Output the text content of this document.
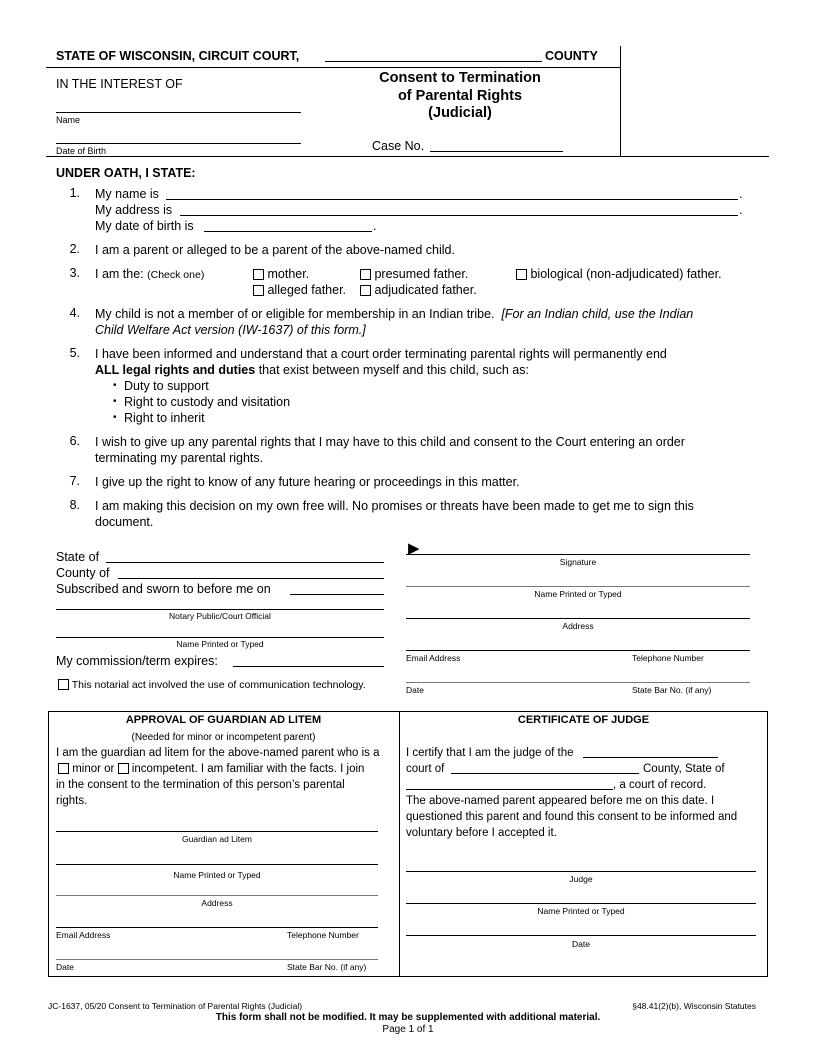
STATE OF WISCONSIN, CIRCUIT COURT,	COUNTY
IN THE INTEREST OF
Name
Date of Birth
Consent to Termination
of Parental Rights
(Judicial)
Case No.
UNDER OATH, I STATE:
1. My name is	.
My address is	.
My date of birth is	.
2. I am a parent or alleged to be a parent of the above-named child.
3. I am the: (Check one)	mother.	presumed father.	biological (non-adjudicated) father.
alleged father.	adjudicated father.
4. My child is not a member of or eligible for membership in an Indian tribe. [For an Indian child, use the Indian
Child Welfare Act version (IW-1637) of this form.]
5. I have been informed and understand that a court order terminating parental rights will permanently end
ALL legal rights and duties that exist between myself and this child, such as:
• Duty to support
• Right to custody and visitation
• Right to inherit
6. I wish to give up any parental rights that I may have to this child and consent to the Court entering an order
terminating my parental rights.
7. I give up the right to know of any future hearing or proceedings in this matter.
8. I am making this decision on my own free will. No promises or threats have been made to get me to sign this
document.
State of
County of
Subscribed and sworn to before me on
Notary Public/Court Official
Name Printed or Typed
My commission/term expires:
This notarial act involved the use of communication technology.
▶
Signature
Name Printed or Typed
Address
Email Address	Telephone Number
Date	State Bar No. (if any)
APPROVAL OF GUARDIAN AD LITEM
(Needed for minor or incompetent parent)
I am the guardian ad litem for the above-named parent who is a
minor or incompetent. I am familiar with the facts. I join
in the consent to the termination of this person’s parental
rights.
Guardian ad Litem
Name Printed or Typed
Address
Email Address	Telephone Number
Date	State Bar No. (if any)
CERTIFICATE OF JUDGE
I certify that I am the judge of the
court of	County, State of
, a court of record.
The above-named parent appeared before me on this date. I
questioned this parent and found this consent to be informed and
voluntary before I accepted it.
Judge
Name Printed or Typed
Date
JC-1637, 05/20 Consent to Termination of Parental Rights (Judicial)	§48.41(2)(b), Wisconsin Statutes
This form shall not be modified. It may be supplemented with additional material.
Page 1 of 1
